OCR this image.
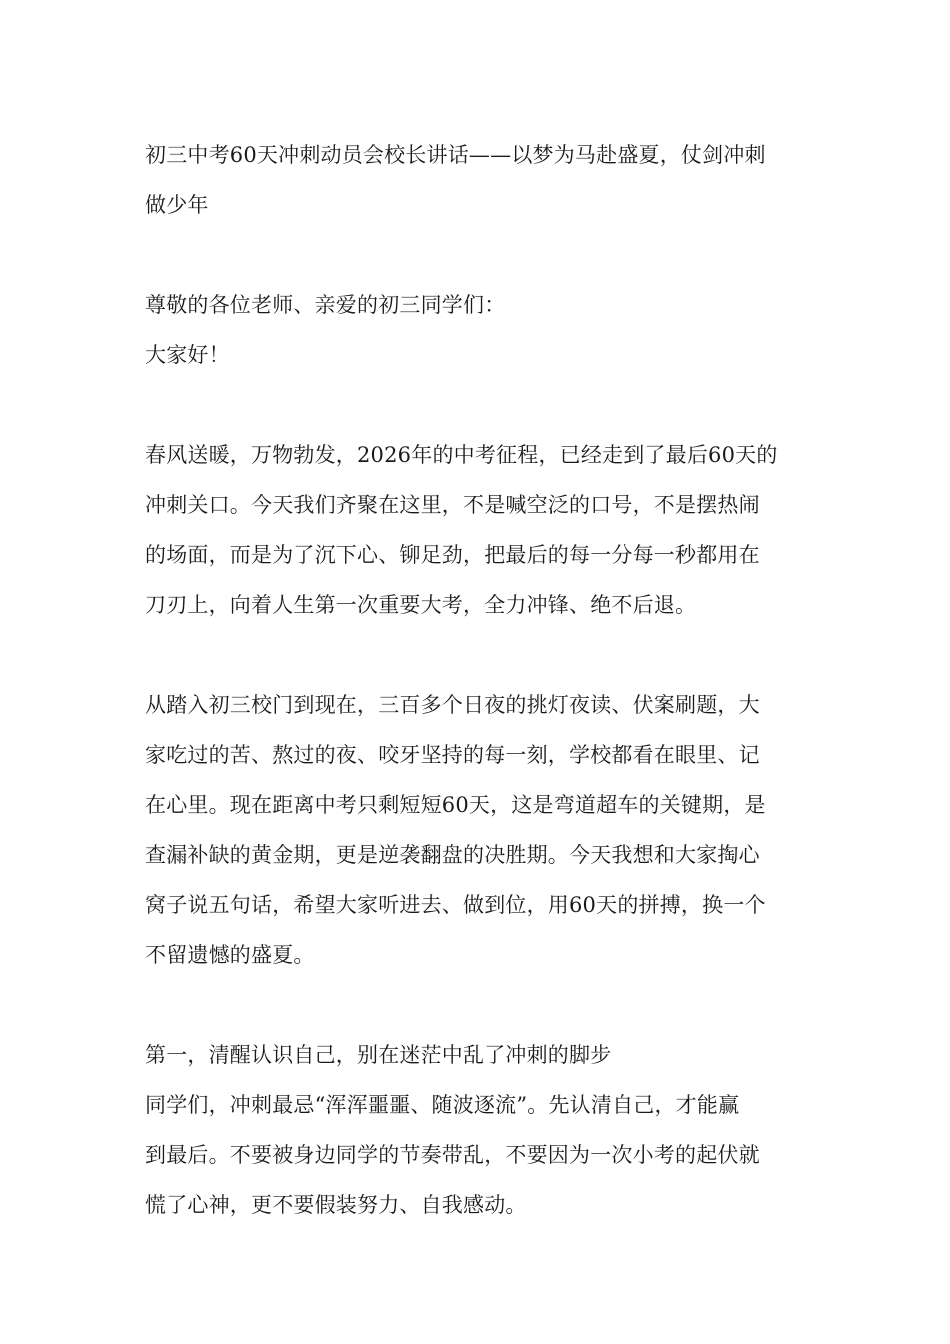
初三中考60天冲刺动员会校长讲话——以梦为马赴盛夏，仗剑冲刺
做少年
尊敬的各位老师、亲爱的初三同学们：
大家好！
春风送暖，万物勃发，2026年的中考征程，已经走到了最后60天的
冲刺关口。今天我们齐聚在这里，不是喊空泛的口号，不是摆热闹
的场面，而是为了沉下心、铆足劲，把最后的每一分每一秒都用在
刀刃上，向着人生第一次重要大考，全力冲锋、绝不后退。
从踏入初三校门到现在，三百多个日夜的挑灯夜读、伏案刷题，大
家吃过的苦、熬过的夜、咬牙坚持的每一刻，学校都看在眼里、记
在心里。现在距离中考只剩短短60天，这是弯道超车的关键期，是
查漏补缺的黄金期，更是逆袭翻盘的决胜期。今天我想和大家掏心
窝子说五句话，希望大家听进去、做到位，用60天的拼搏，换一个
不留遗憾的盛夏。
第一，清醒认识自己，别在迷茫中乱了冲刺的脚步
同学们，冲刺最忌“浑浑噩噩、随波逐流”。先认清自己，才能赢
到最后。不要被身边同学的节奏带乱，不要因为一次小考的起伏就
慌了心神，更不要假装努力、自我感动。
